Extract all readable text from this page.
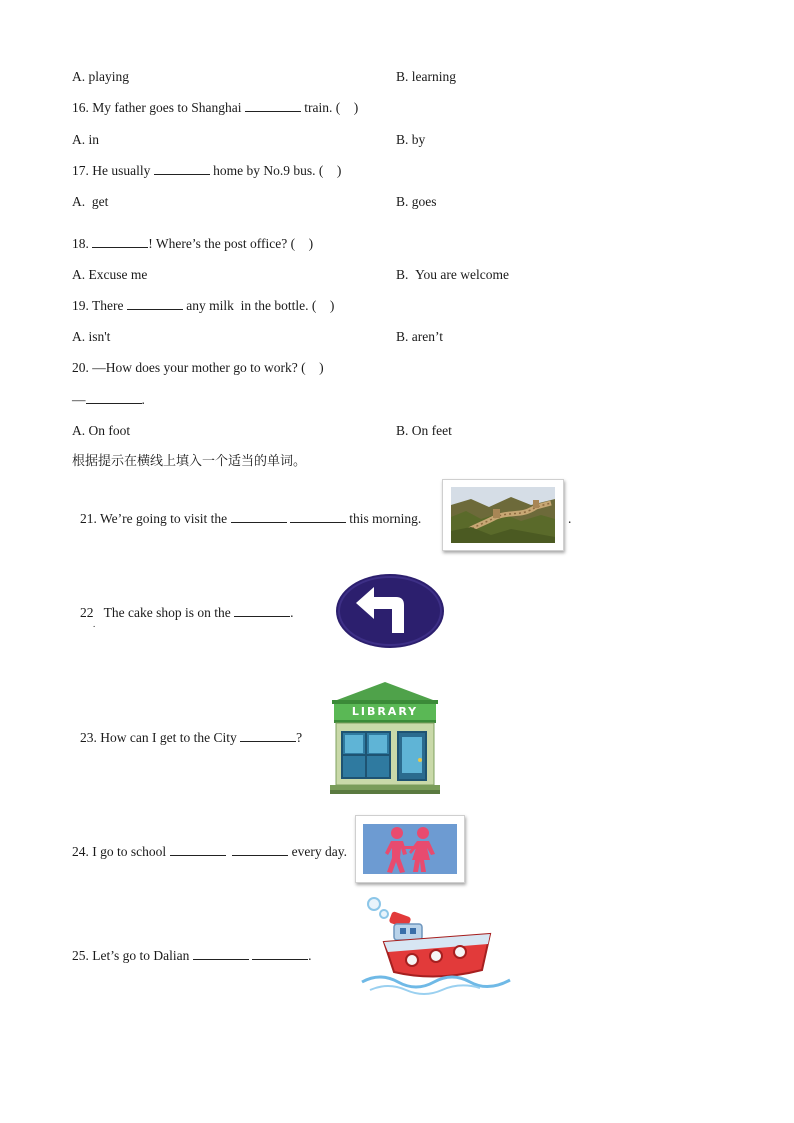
A. playing	B. learning
16. My father goes to Shanghai	train. (    )
A. in	B. by
17. He usually	home by No.9 bus. (    )
A.  get	B. goes
18.	! Where’s the post office? (    )
A. Excuse me	B.  You are welcome
19. There	any milk  in the bottle. (    )
A. isn't	B. aren’t
20. —How does your mother go to work? (    )
—	.
A. On foot	B. On feet
根据提示在横线上填入一个适当的单词。
21. We’re going to visit the	this morning.	.
22 The cake shop is on the	.
.
23. How can I get to the City	?
LIBRARY
24. I go to school	every day.
25. Let’s go to Dalian	.
